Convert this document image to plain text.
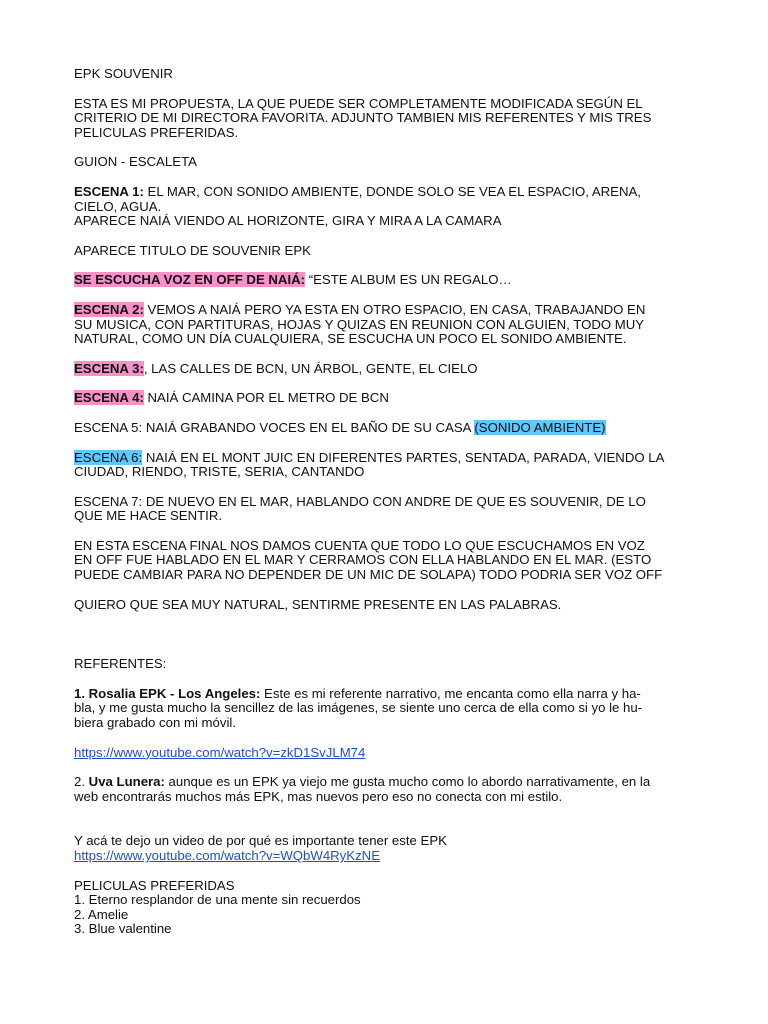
EPK SOUVENIR

ESTA ES MI PROPUESTA, LA QUE PUEDE SER COMPLETAMENTE MODIFICADA SEGÚN EL
CRITERIO DE MI DIRECTORA FAVORITA. ADJUNTO TAMBIEN MIS REFERENTES Y MIS TRES
PELICULAS PREFERIDAS.

GUION - ESCALETA

ESCENA 1: EL MAR, CON SONIDO AMBIENTE, DONDE SOLO SE VEA EL ESPACIO, ARENA,
CIELO, AGUA.
APARECE NAIÁ VIENDO AL HORIZONTE, GIRA Y MIRA A LA CAMARA

APARECE TITULO DE SOUVENIR EPK

SE ESCUCHA VOZ EN OFF DE NAIÁ: “ESTE ALBUM ES UN REGALO…

ESCENA 2: VEMOS A NAIÁ PERO YA ESTA EN OTRO ESPACIO, EN CASA, TRABAJANDO EN
SU MUSICA, CON PARTITURAS, HOJAS Y QUIZAS EN REUNION CON ALGUIEN, TODO MUY
NATURAL, COMO UN DÍA CUALQUIERA, SE ESCUCHA UN POCO EL SONIDO AMBIENTE.

ESCENA 3:, LAS CALLES DE BCN, UN ÁRBOL, GENTE, EL CIELO

ESCENA 4: NAIÁ CAMINA POR EL METRO DE BCN

ESCENA 5: NAIÁ GRABANDO VOCES EN EL BAÑO DE SU CASA (SONIDO AMBIENTE)

ESCENA 6: NAIÁ EN EL MONT JUIC EN DIFERENTES PARTES, SENTADA, PARADA, VIENDO LA
CIUDAD, RIENDO, TRISTE, SERIA, CANTANDO

ESCENA 7: DE NUEVO EN EL MAR, HABLANDO CON ANDRE DE QUE ES SOUVENIR, DE LO
QUE ME HACE SENTIR.

EN ESTA ESCENA FINAL NOS DAMOS CUENTA QUE TODO LO QUE ESCUCHAMOS EN VOZ
EN OFF FUE HABLADO EN EL MAR Y CERRAMOS CON ELLA HABLANDO EN EL MAR. (ESTO
PUEDE CAMBIAR PARA NO DEPENDER DE UN MIC DE SOLAPA) TODO PODRIA SER VOZ OFF

QUIERO QUE SEA MUY NATURAL, SENTIRME PRESENTE EN LAS PALABRAS.

REFERENTES:

1. Rosalia EPK - Los Angeles: Este es mi referente narrativo, me encanta como ella narra y ha-
bla, y me gusta mucho la sencillez de las imágenes, se siente uno cerca de ella como si yo le hu-
biera grabado con mi móvil.

https://www.youtube.com/watch?v=zkD1SvJLM74

2. Uva Lunera: aunque es un EPK ya viejo me gusta mucho como lo abordo narrativamente, en la
web encontrarás muchos más EPK, mas nuevos pero eso no conecta con mi estilo.

Y acá te dejo un video de por qué es importante tener este EPK
https://www.youtube.com/watch?v=WQbW4RyKzNE

PELICULAS PREFERIDAS
1. Eterno resplandor de una mente sin recuerdos
2. Amelie
3. Blue valentine
